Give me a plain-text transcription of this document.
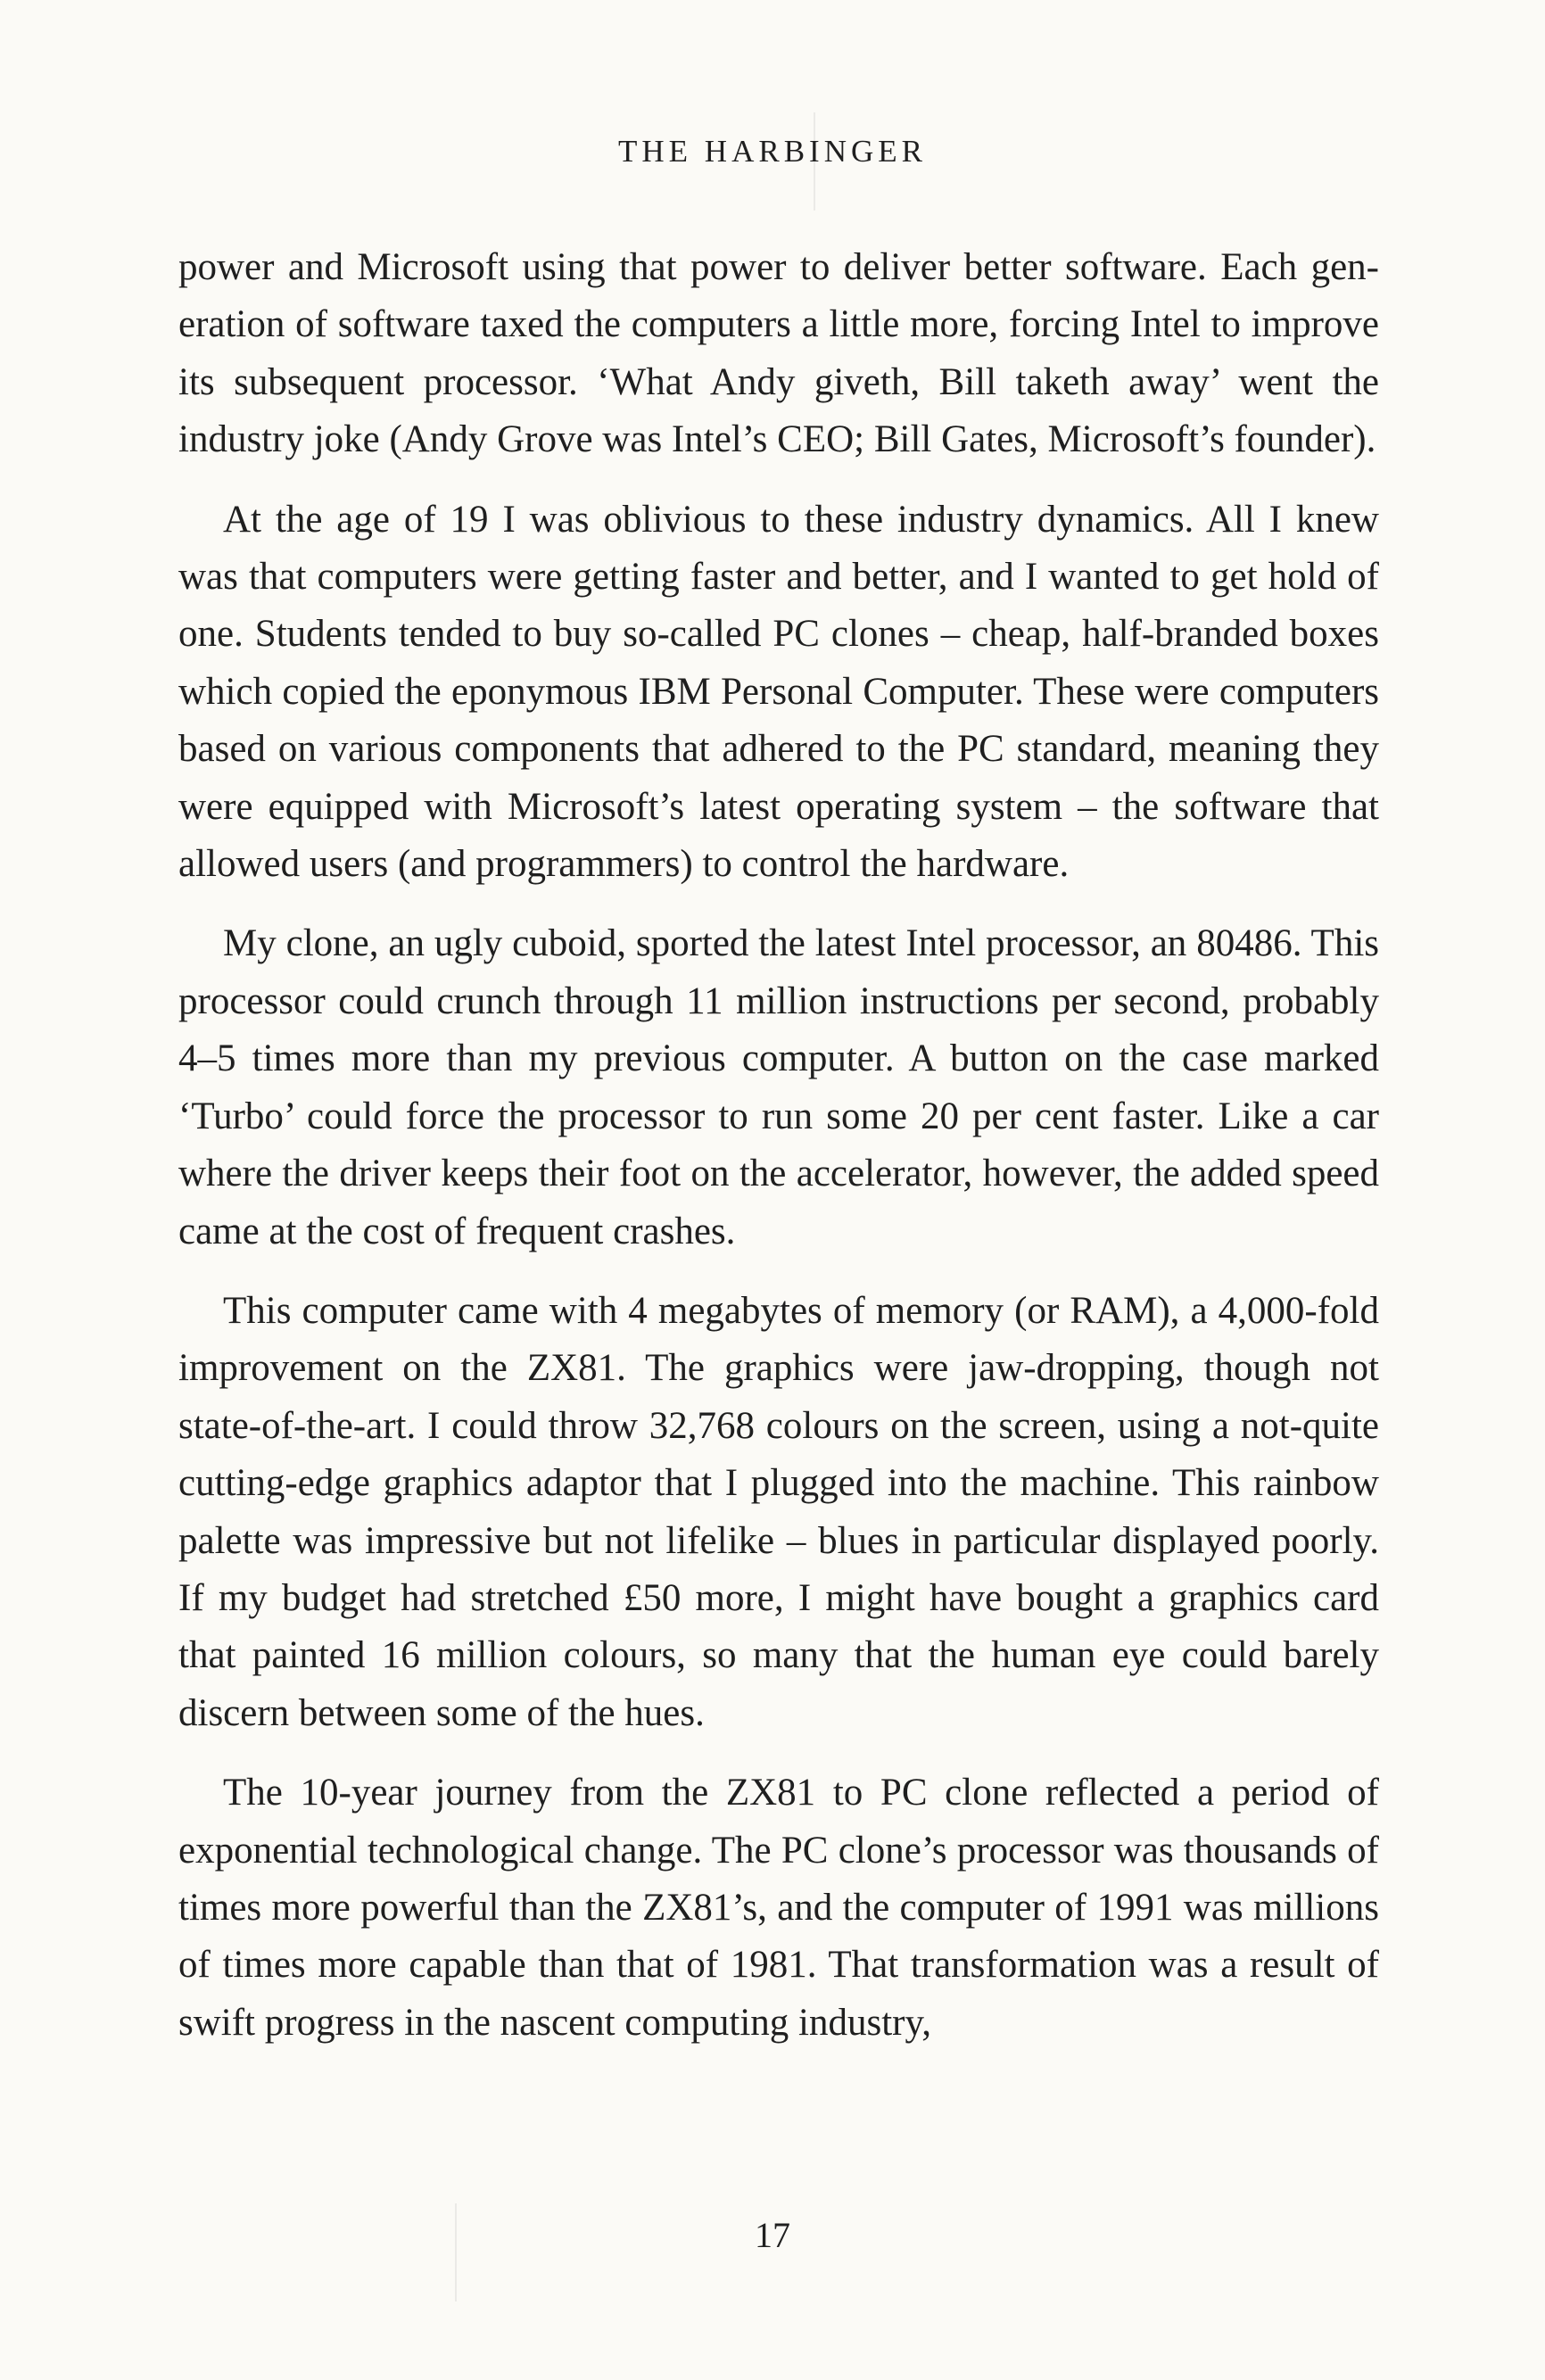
THE HARBINGER

power and Microsoft using that power to deliver better software. Each generation of software taxed the computers a little more, forcing Intel to improve its subsequent processor. ‘What Andy giveth, Bill taketh away’ went the industry joke (Andy Grove was Intel’s CEO; Bill Gates, Microsoft’s founder).

At the age of 19 I was oblivious to these industry dynamics. All I knew was that computers were getting faster and better, and I wanted to get hold of one. Students tended to buy so-called PC clones – cheap, half-branded boxes which copied the eponymous IBM Personal Computer. These were computers based on various components that adhered to the PC standard, meaning they were equipped with Microsoft’s latest operating system – the software that allowed users (and programmers) to control the hardware.

My clone, an ugly cuboid, sported the latest Intel processor, an 80486. This processor could crunch through 11 million instructions per second, probably 4–5 times more than my previous computer. A button on the case marked ‘Turbo’ could force the processor to run some 20 per cent faster. Like a car where the driver keeps their foot on the accelerator, however, the added speed came at the cost of frequent crashes.

This computer came with 4 megabytes of memory (or RAM), a 4,000-fold improvement on the ZX81. The graphics were jaw-dropping, though not state-of-the-art. I could throw 32,768 colours on the screen, using a not-quite cutting-edge graphics adaptor that I plugged into the machine. This rainbow palette was impressive but not lifelike – blues in particular displayed poorly. If my budget had stretched £50 more, I might have bought a graphics card that painted 16 million colours, so many that the human eye could barely discern between some of the hues.

The 10-year journey from the ZX81 to PC clone reflected a period of exponential technological change. The PC clone’s processor was thousands of times more powerful than the ZX81’s, and the computer of 1991 was millions of times more capable than that of 1981. That transformation was a result of swift progress in the nascent computing industry,

17
